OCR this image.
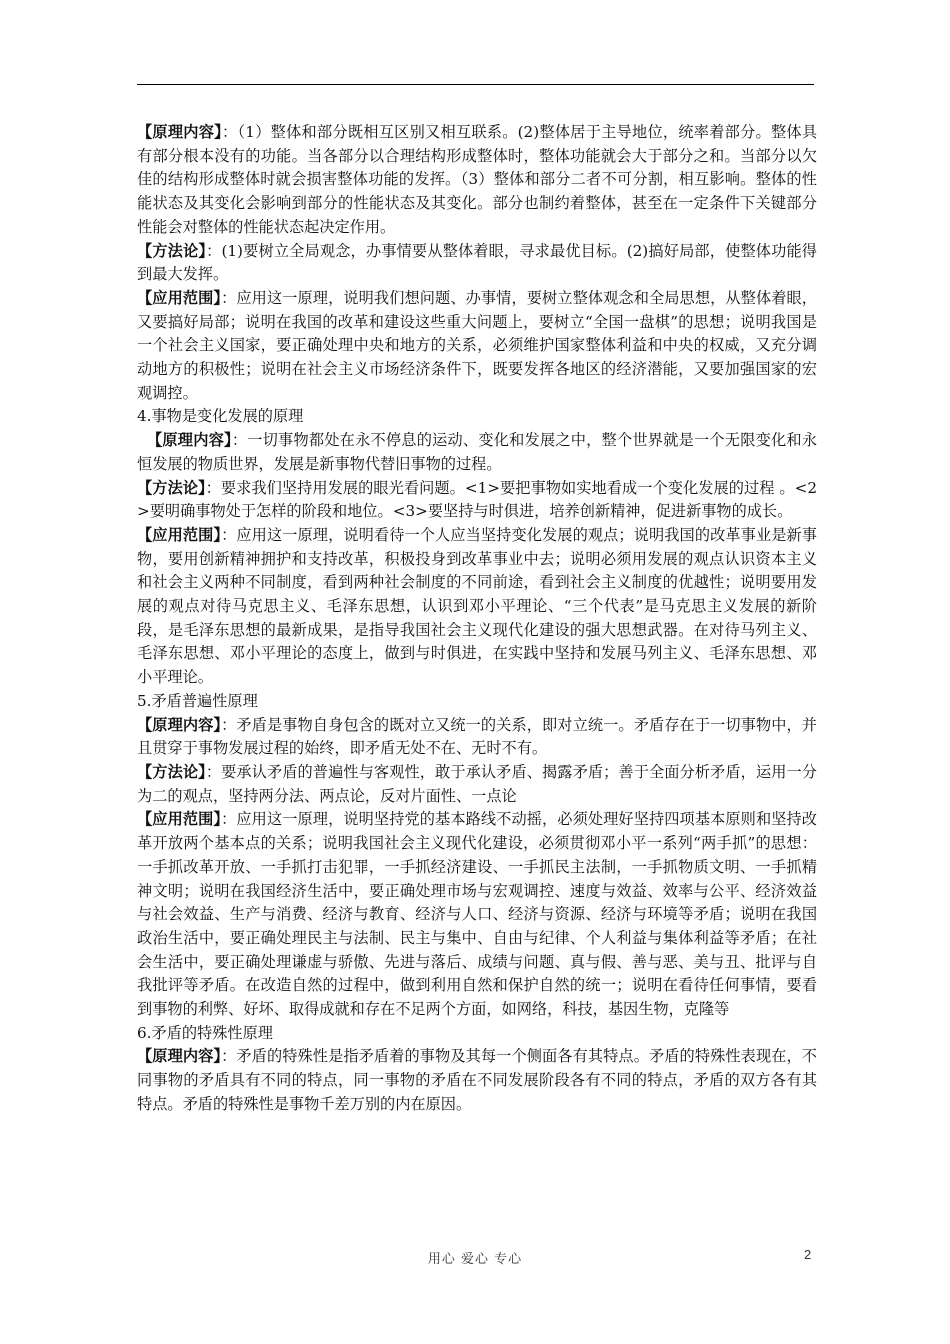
【原理内容】：（1）整体和部分既相互区别又相互联系。(2)整体居于主导地位，统率着部分。整体具有部分根本没有的功能。当各部分以合理结构形成整体时，整体功能就会大于部分之和。当部分以欠佳的结构形成整体时就会损害整体功能的发挥。（3）整体和部分二者不可分割，相互影响。整体的性能状态及其变化会影响到部分的性能状态及其变化。部分也制约着整体，甚至在一定条件下关键部分性能会对整体的性能状态起决定作用。

【方法论】：(1)要树立全局观念，办事情要从整体着眼，寻求最优目标。(2)搞好局部，使整体功能得到最大发挥。

【应用范围】：应用这一原理，说明我们想问题、办事情，要树立整体观念和全局思想，从整体着眼，又要搞好局部；说明在我国的改革和建设这些重大问题上，要树立“全国一盘棋”的思想；说明我国是一个社会主义国家，要正确处理中央和地方的关系，必须维护国家整体利益和中央的权威，又充分调动地方的积极性；说明在社会主义市场经济条件下，既要发挥各地区的经济潜能，又要加强国家的宏观调控。

4.事物是变化发展的原理

【原理内容】：一切事物都处在永不停息的运动、变化和发展之中，整个世界就是一个无限变化和永恒发展的物质世界，发展是新事物代替旧事物的过程。

【方法论】：要求我们坚持用发展的眼光看问题。<1>要把事物如实地看成一个变化发展的过程 。<2>要明确事物处于怎样的阶段和地位。<3>要坚持与时俱进，培养创新精神，促进新事物的成长。

【应用范围】：应用这一原理，说明看待一个人应当坚持变化发展的观点；说明我国的改革事业是新事物，要用创新精神拥护和支持改革，积极投身到改革事业中去；说明必须用发展的观点认识资本主义和社会主义两种不同制度，看到两种社会制度的不同前途，看到社会主义制度的优越性；说明要用发展的观点对待马克思主义、毛泽东思想，认识到邓小平理论、“三个代表”是马克思主义发展的新阶段，是毛泽东思想的最新成果，是指导我国社会主义现代化建设的强大思想武器。在对待马列主义、毛泽东思想、邓小平理论的态度上，做到与时俱进，在实践中坚持和发展马列主义、毛泽东思想、邓小平理论。

5.矛盾普遍性原理

【原理内容】：矛盾是事物自身包含的既对立又统一的关系，即对立统一。矛盾存在于一切事物中，并且贯穿于事物发展过程的始终，即矛盾无处不在、无时不有。

【方法论】：要承认矛盾的普遍性与客观性，敢于承认矛盾、揭露矛盾；善于全面分析矛盾，运用一分为二的观点，坚持两分法、两点论，反对片面性、一点论

【应用范围】：应用这一原理，说明坚持党的基本路线不动摇，必须处理好坚持四项基本原则和坚持改革开放两个基本点的关系；说明我国社会主义现代化建设，必须贯彻邓小平一系列“两手抓”的思想：一手抓改革开放、一手抓打击犯罪，一手抓经济建设、一手抓民主法制，一手抓物质文明、一手抓精神文明；说明在我国经济生活中，要正确处理市场与宏观调控、速度与效益、效率与公平、经济效益与社会效益、生产与消费、经济与教育、经济与人口、经济与资源、经济与环境等矛盾；说明在我国政治生活中，要正确处理民主与法制、民主与集中、自由与纪律、个人利益与集体利益等矛盾；在社会生活中，要正确处理谦虚与骄傲、先进与落后、成绩与问题、真与假、善与恶、美与丑、批评与自我批评等矛盾。在改造自然的过程中，做到利用自然和保护自然的统一；说明在看待任何事情，要看到事物的利弊、好坏、取得成就和存在不足两个方面，如网络，科技，基因生物，克隆等

6.矛盾的特殊性原理

【原理内容】：矛盾的特殊性是指矛盾着的事物及其每一个侧面各有其特点。矛盾的特殊性表现在，不同事物的矛盾具有不同的特点，同一事物的矛盾在不同发展阶段各有不同的特点，矛盾的双方各有其特点。矛盾的特殊性是事物千差万别的内在原因。

用心 爱心 专心	2
